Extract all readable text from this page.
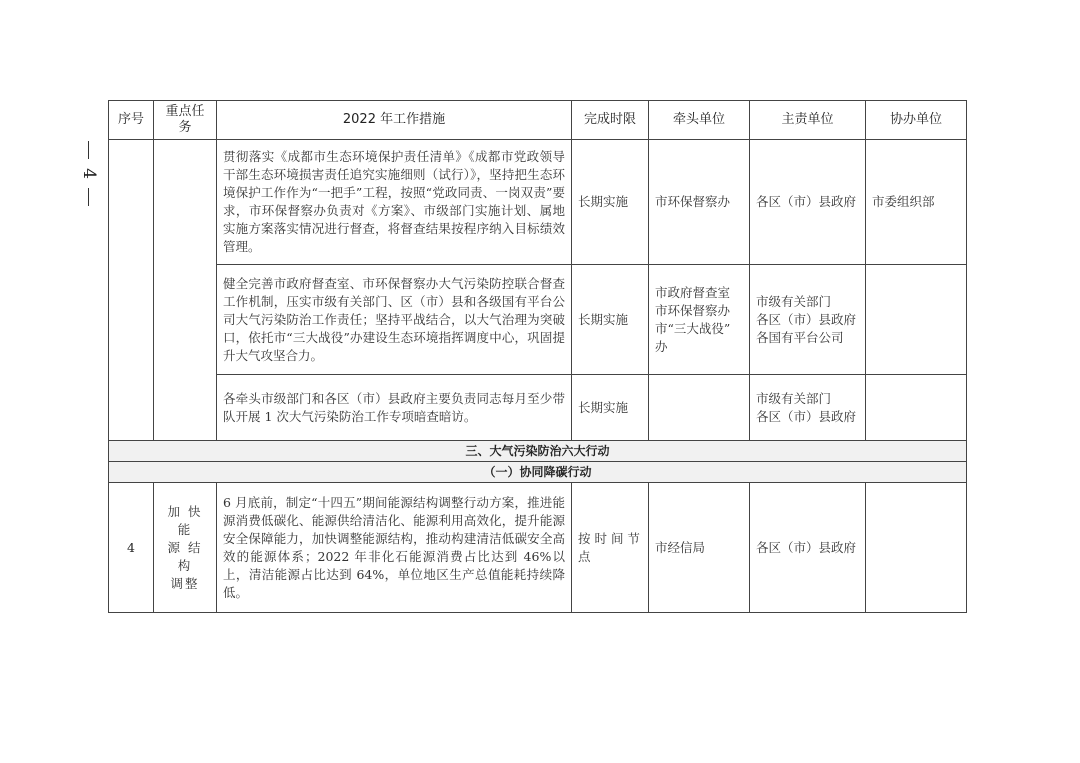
4
序号	重点任务	2022 年工作措施	完成时限	牵头单位	主责单位	协办单位
		贯彻落实《成都市生态环境保护责任清单》《成都市党政领导干部生态环境损害责任追究实施细则（试行）》，坚持把生态环境保护工作作为“一把手”工程，按照“党政同责、一岗双责”要求，市环保督察办负责对《方案》、市级部门实施计划、属地实施方案落实情况进行督查，将督查结果按程序纳入目标绩效管理。	长期实施	市环保督察办	各区（市）县政府	市委组织部
		健全完善市政府督查室、市环保督察办大气污染防控联合督查工作机制，压实市级有关部门、区（市）县和各级国有平台公司大气污染防治工作责任；坚持平战结合，以大气治理为突破口，依托市“三大战役”办建设生态环境指挥调度中心，巩固提升大气攻坚合力。	长期实施	市政府督查室
市环保督察办
市“三大战役”
办	市级有关部门
各区（市）县政府
各国有平台公司	

		各牵头市级部门和各区（市）县政府主要负责同志每月至少带队开展 1 次大气污染防治工作专项暗查暗访。	长期实施		市级有关部门
各区（市）县政府	

三、大气污染防治六大行动						
（一）协同降碳行动						
4	加 快 能
源 结 构
调整	6 月底前，制定“十四五”期间能源结构调整行动方案，推进能源消费低碳化、能源供给清洁化、能源利用高效化，提升能源安全保障能力，加快调整能源结构，推动构建清洁低碳安全高效的能源体系；2022 年非化石能源消费占比达到 46%以上，清洁能源占比达到 64%，单位地区生产总值能耗持续降低。	按 时 间 节
点	市经信局	各区（市）县政府	
